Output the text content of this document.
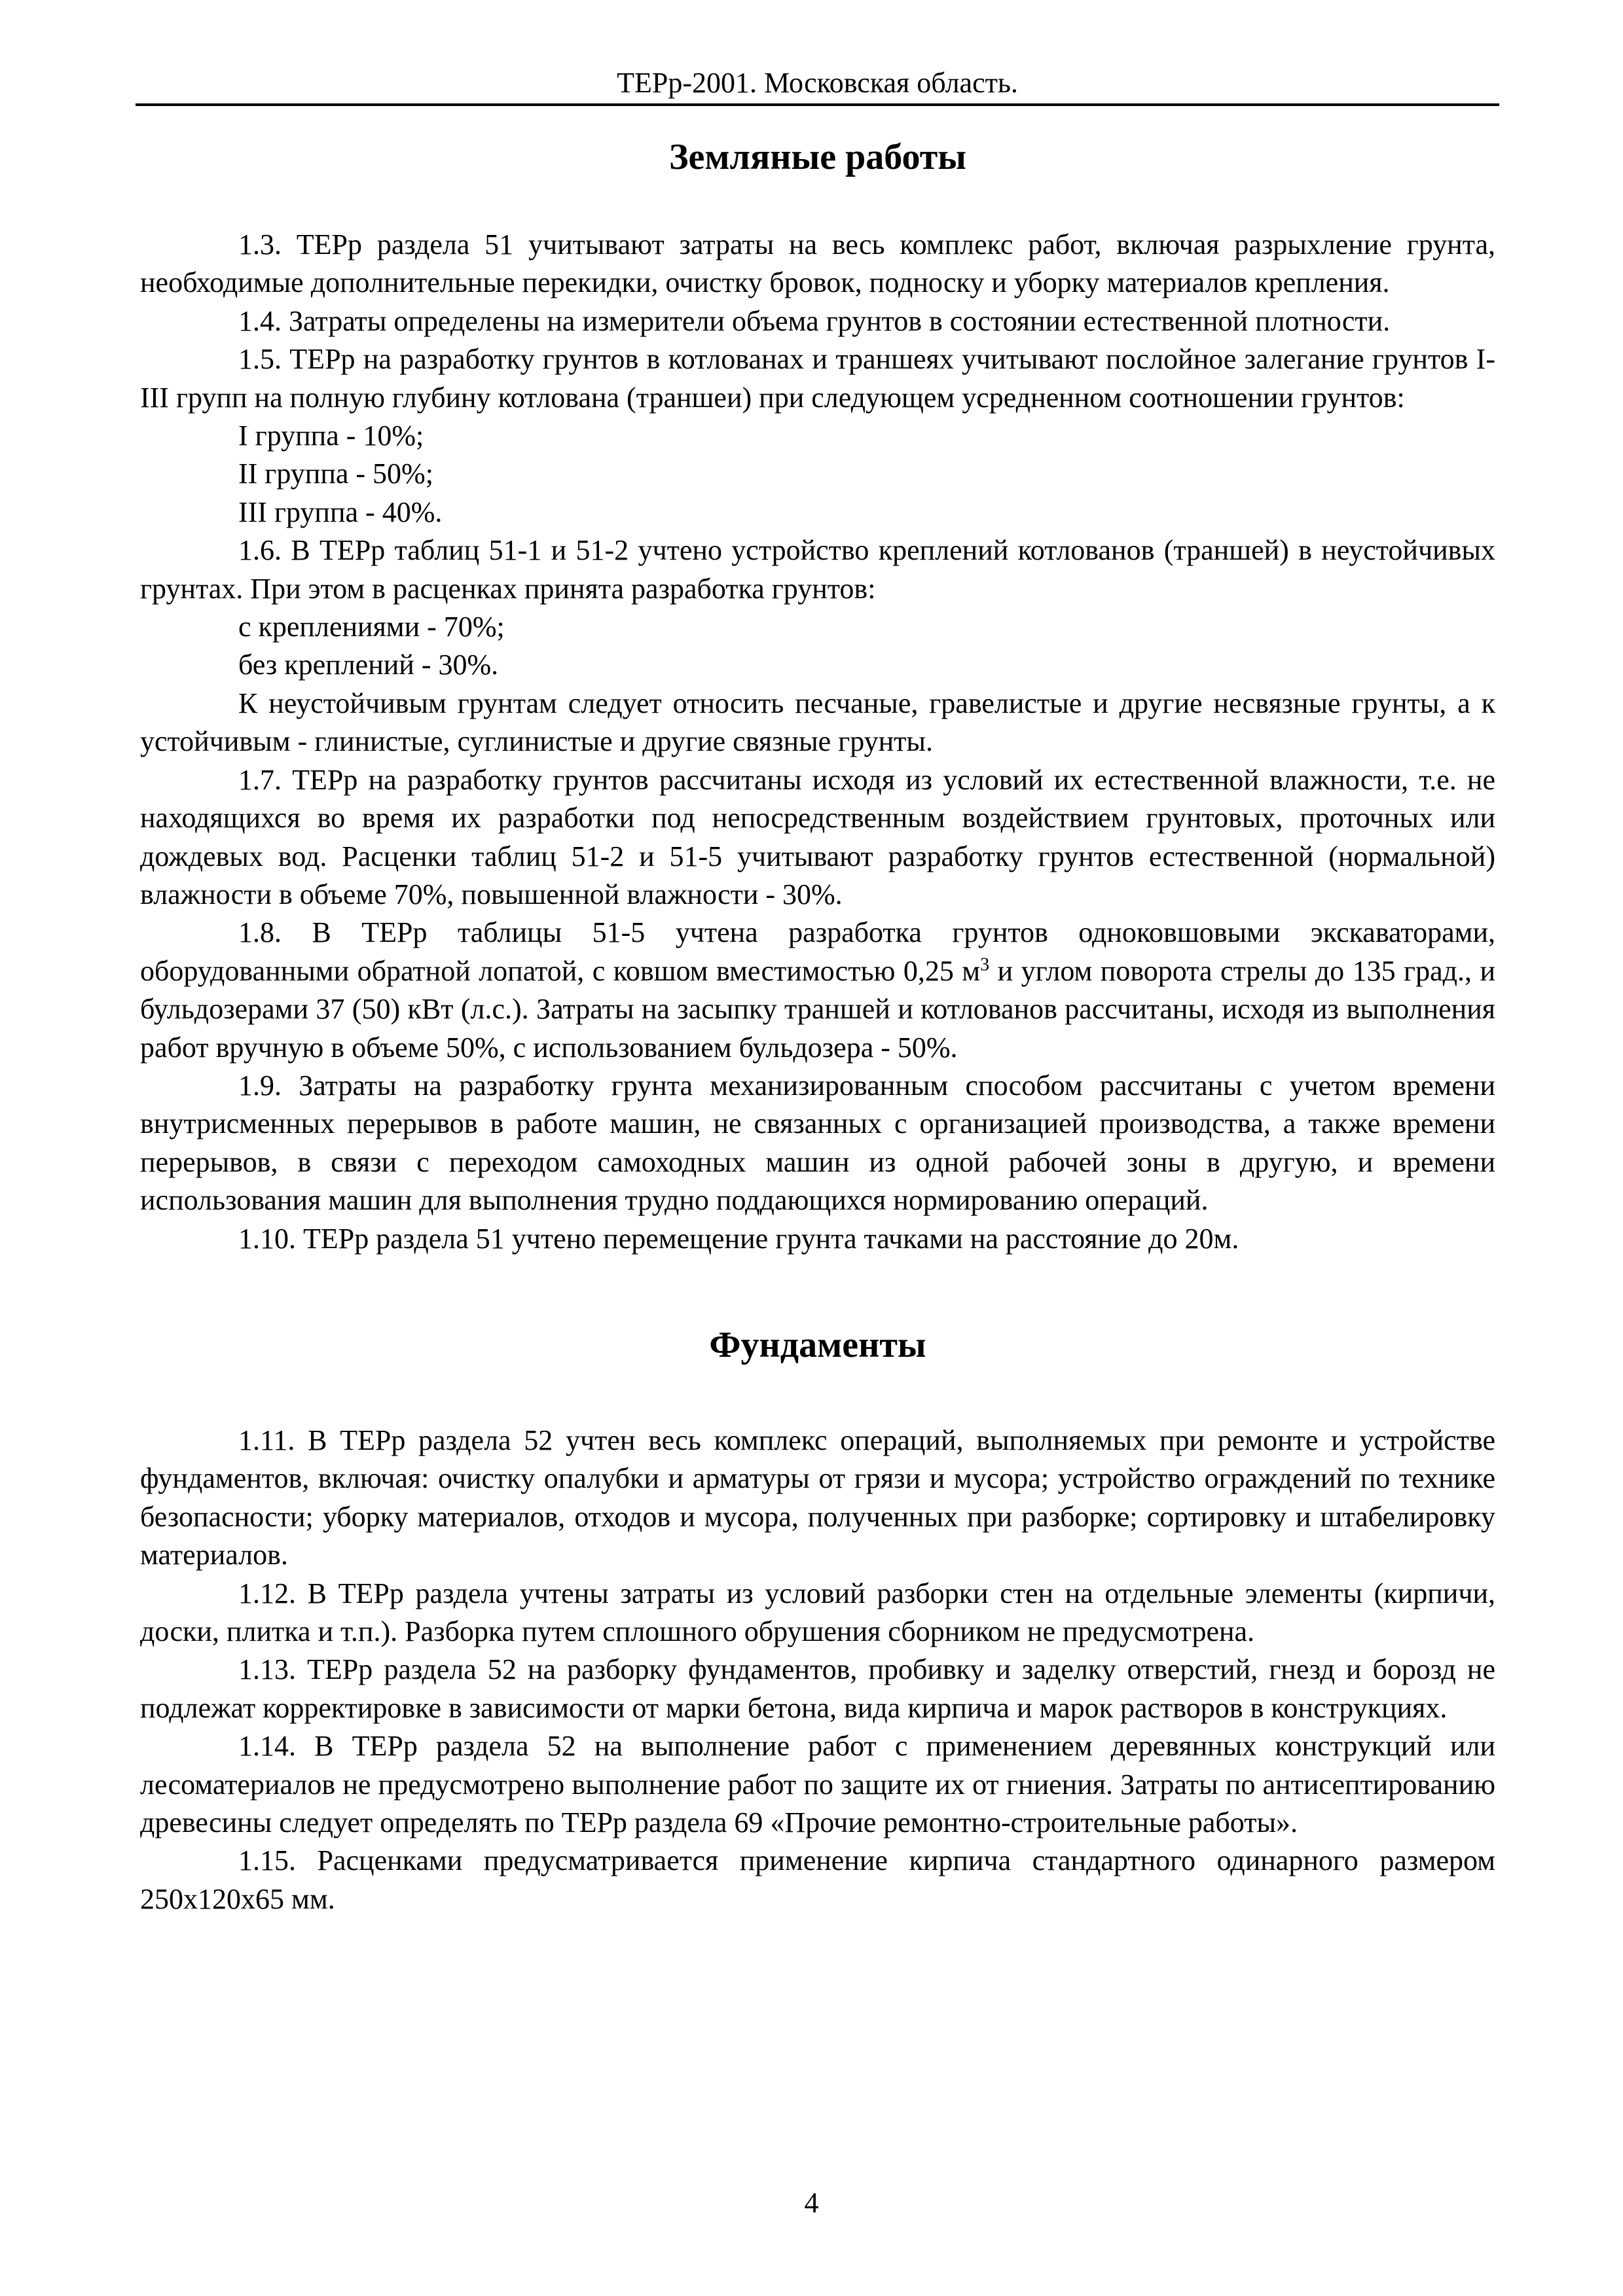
ТЕРр-2001. Московская область.
Земляные работы

1.3. ТЕРр раздела 51 учитывают затраты на весь комплекс работ, включая разрыхление грунта, необходимые дополнительные перекидки, очистку бровок, подноску и уборку материалов крепления.

1.4. Затраты определены на измерители объема грунтов в состоянии естественной плотности.

1.5. ТЕРр на разработку грунтов в котлованах и траншеях учитывают послойное залегание грунтов I-III групп на полную глубину котлована (траншеи) при следующем усредненном соотношении грунтов:

I группа - 10%;
II группа - 50%;
III группа - 40%.

1.6. В ТЕРр таблиц 51-1 и 51-2 учтено устройство креплений котлованов (траншей) в неустойчивых грунтах. При этом в расценках принята разработка грунтов:

с креплениями - 70%;
без креплений - 30%.

К неустойчивым грунтам следует относить песчаные, гравелистые и другие несвязные грунты, а к устойчивым - глинистые, суглинистые и другие связные грунты.

1.7. ТЕРр на разработку грунтов рассчитаны исходя из условий их естественной влажности, т.е. не находящихся во время их разработки под непосредственным воздействием грунтовых, проточных или дождевых вод. Расценки таблиц 51-2 и 51-5 учитывают разработку грунтов естественной (нормальной) влажности в объеме 70%, повышенной влажности - 30%.

1.8. В ТЕРр таблицы 51-5 учтена разработка грунтов одноковшовыми экскаваторами, оборудованными обратной лопатой, с ковшом вместимостью 0,25 $м^3$ и углом поворота стрелы до 135 град., и бульдозерами 37 (50) кВт (л.с.). Затраты на засыпку траншей и котлованов рассчитаны, исходя из выполнения работ вручную в объеме 50%, с использованием бульдозера - 50%.

1.9. Затраты на разработку грунта механизированным способом рассчитаны с учетом времени внутрисменных перерывов в работе машин, не связанных с организацией производства, а также времени перерывов, в связи с переходом самоходных машин из одной рабочей зоны в другую, и времени использования машин для выполнения трудно поддающихся нормированию операций.

1.10. ТЕРр раздела 51 учтено перемещение грунта тачками на расстояние до 20м.

Фундаменты

1.11. В ТЕРр раздела 52 учтен весь комплекс операций, выполняемых при ремонте и устройстве фундаментов, включая: очистку опалубки и арматуры от грязи и мусора; устройство ограждений по технике безопасности; уборку материалов, отходов и мусора, полученных при разборке; сортировку и штабелировку материалов.

1.12. В ТЕРр раздела учтены затраты из условий разборки стен на отдельные элементы (кирпичи, доски, плитка и т.п.). Разборка путем сплошного обрушения сборником не предусмотрена.

1.13. ТЕРр раздела 52 на разборку фундаментов, пробивку и заделку отверстий, гнезд и борозд не подлежат корректировке в зависимости от марки бетона, вида кирпича и марок растворов в конструкциях.

1.14. В ТЕРр раздела 52 на выполнение работ с применением деревянных конструкций или лесоматериалов не предусмотрено выполнение работ по защите их от гниения. Затраты по антисептированию древесины следует определять по ТЕРр раздела 69 «Прочие ремонтно-строительные работы».

1.15. Расценками предусматривается применение кирпича стандартного одинарного размером 250х120х65 мм.

4
